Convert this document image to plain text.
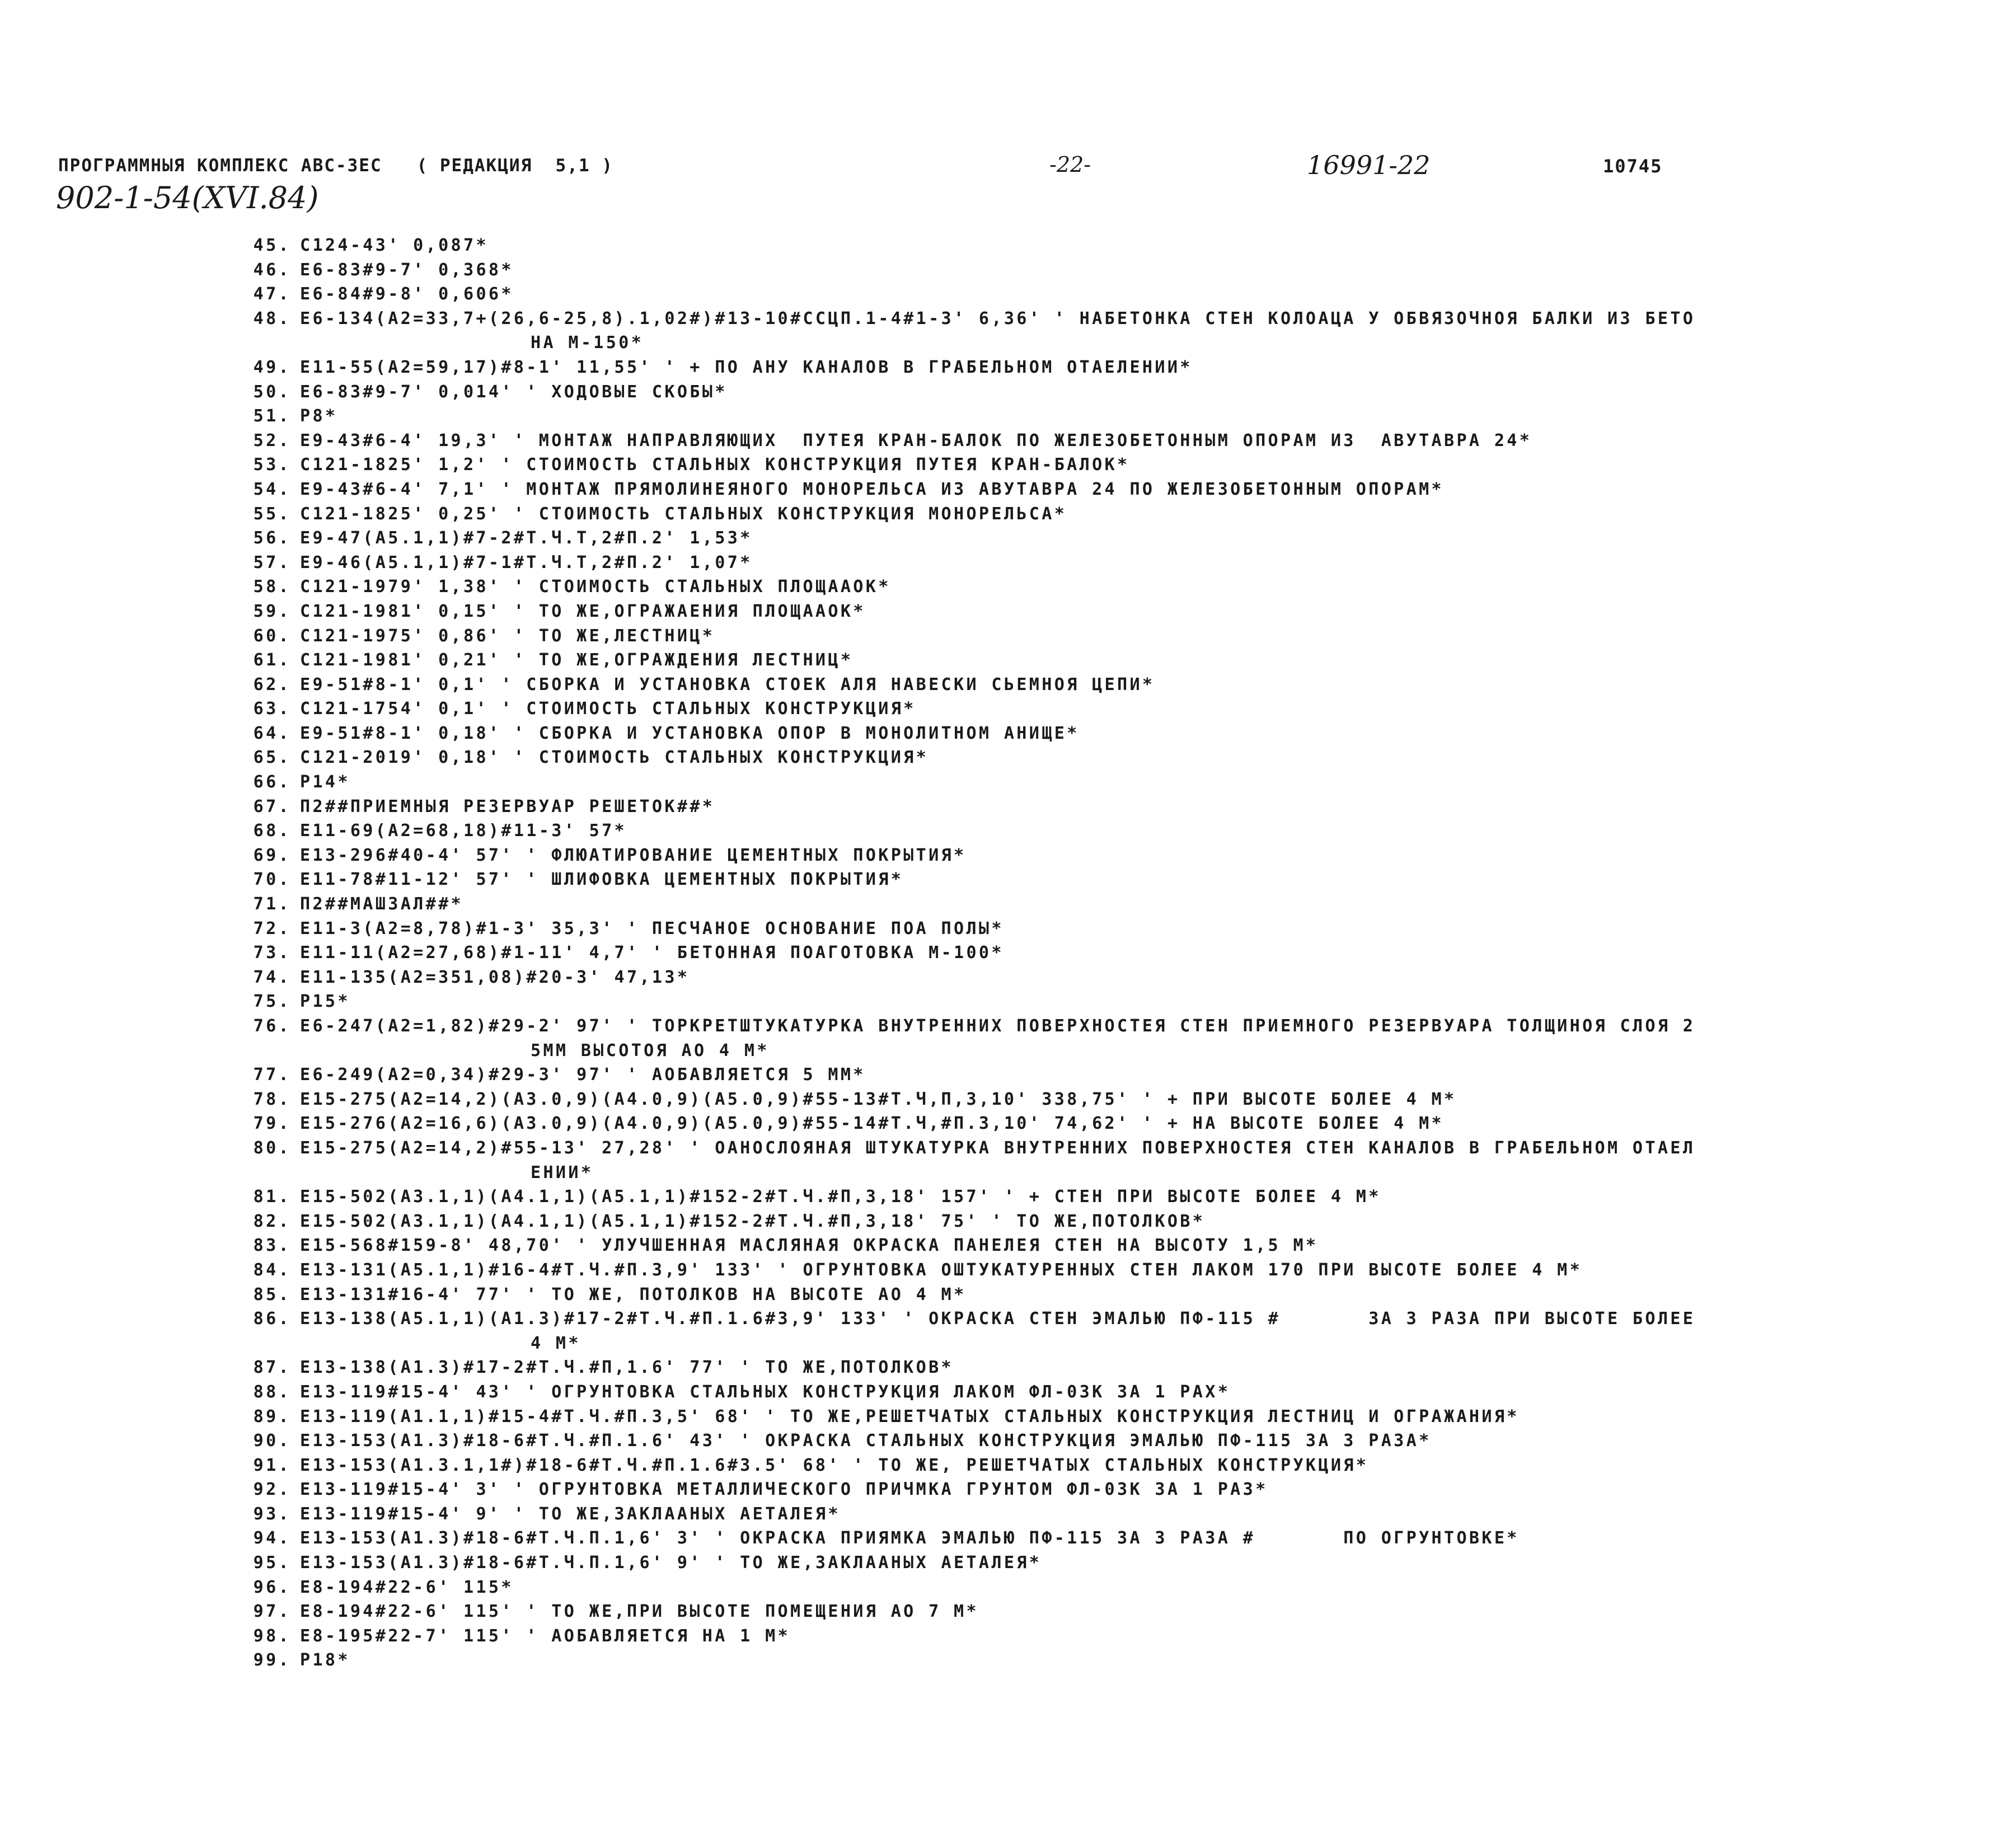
ПРОГРАМMНЫЯ КОМПЛЕКС АВС-3ЕС   ( РЕДАКЦИЯ  5,1 )	-22-	16991-22	10745
902-1-54(XVI.84)
45. С124-43' 0,087*
46. Е6-83#9-7' 0,368*
47. Е6-84#9-8' 0,606*
48. Е6-134(А2=33,7+(26,6-25,8).1,02#)#13-10#ССЦП.1-4#1-3' 6,36' ' НАБЕТОНКА СТЕН КОЛОАЦА У ОБВЯЗОЧНОЯ БАЛКИ ИЗ БЕТО
НА М-150*
49. Е11-55(А2=59,17)#8-1' 11,55' ' + ПО АНУ КАНАЛОВ В ГРАБЕЛЬНОМ ОТАЕЛЕНИИ*
50. Е6-83#9-7' 0,014' ' ХОДОВЫЕ СКОБЫ*
51. Р8*
52. Е9-43#6-4' 19,3' ' МОНТАЖ НАПРАВЛЯЮЩИХ  ПУТЕЯ КРАН-БАЛОК ПО ЖЕЛЕЗОБЕТОННЫМ ОПОРАМ ИЗ  АВУТАВРА 24*
53. С121-1825' 1,2' ' СТОИМОСТЬ СТАЛЬНЫХ КОНСТРУКЦИЯ ПУТЕЯ КРАН-БАЛОК*
54. Е9-43#6-4' 7,1' ' МОНТАЖ ПРЯМОЛИНЕЯНОГО МОНОРЕЛЬСА ИЗ АВУТАВРА 24 ПО ЖЕЛЕЗОБЕТОННЫМ ОПОРАМ*
55. С121-1825' 0,25' ' СТОИМОСТЬ СТАЛЬНЫХ КОНСТРУКЦИЯ МОНОРЕЛЬСА*
56. Е9-47(А5.1,1)#7-2#Т.Ч.Т,2#П.2' 1,53*
57. Е9-46(А5.1,1)#7-1#Т.Ч.Т,2#П.2' 1,07*
58. С121-1979' 1,38' ' СТОИМОСТЬ СТАЛЬНЫХ ПЛОЩААОК*
59. С121-1981' 0,15' ' ТО ЖЕ,ОГРАЖАЕНИЯ ПЛОЩААОК*
60. С121-1975' 0,86' ' ТО ЖЕ,ЛЕСТНИЦ*
61. С121-1981' 0,21' ' ТО ЖЕ,ОГРАЖДЕНИЯ ЛЕСТНИЦ*
62. Е9-51#8-1' 0,1' ' СБОРКА И УСТАНОВКА СТОЕК АЛЯ НАВЕСКИ СЬЕМНОЯ ЦЕПИ*
63. С121-1754' 0,1' ' СТОИМОСТЬ СТАЛЬНЫХ КОНСТРУКЦИЯ*
64. Е9-51#8-1' 0,18' ' СБОРКА И УСТАНОВКА ОПОР В МОНОЛИТНОМ АНИЩЕ*
65. С121-2019' 0,18' ' СТОИМОСТЬ СТАЛЬНЫХ КОНСТРУКЦИЯ*
66. Р14*
67. П2##ПРИЕМНЫЯ РЕЗЕРВУАР РЕШЕТОК##*
68. Е11-69(А2=68,18)#11-3' 57*
69. Е13-296#40-4' 57' ' ФЛЮАТИРОВАНИЕ ЦЕМЕНТНЫХ ПОКРЫТИЯ*
70. Е11-78#11-12' 57' ' ШЛИФОВКА ЦЕМЕНТНЫХ ПОКРЫТИЯ*
71. П2##МАШЗАЛ##*
72. Е11-3(А2=8,78)#1-3' 35,3' ' ПЕСЧАНОЕ ОСНОВАНИЕ ПОА ПОЛЫ*
73. Е11-11(А2=27,68)#1-11' 4,7' ' БЕТОННАЯ ПОАГОТОВКА М-100*
74. Е11-135(А2=351,08)#20-3' 47,13*
75. Р15*
76. Е6-247(А2=1,82)#29-2' 97' ' ТОРКРЕТШТУКАТУРКА ВНУТРЕННИХ ПОВЕРХНОСТЕЯ СТЕН ПРИЕМНОГО РЕЗЕРВУАРА ТОЛЩИНОЯ СЛОЯ 2
5ММ ВЫСОТОЯ АО 4 М*
77. Е6-249(А2=0,34)#29-3' 97' ' АОБАВЛЯЕТСЯ 5 ММ*
78. Е15-275(А2=14,2)(А3.0,9)(А4.0,9)(А5.0,9)#55-13#Т.Ч,П,3,10' 338,75' ' + ПРИ ВЫСОТЕ БОЛЕЕ 4 М*
79. Е15-276(А2=16,6)(А3.0,9)(А4.0,9)(А5.0,9)#55-14#Т.Ч,#П.3,10' 74,62' ' + НА ВЫСОТЕ БОЛЕЕ 4 М*
80. Е15-275(А2=14,2)#55-13' 27,28' ' ОАНОСЛОЯНАЯ ШТУКАТУРКА ВНУТРЕННИХ ПОВЕРХНОСТЕЯ СТЕН КАНАЛОВ В ГРАБЕЛЬНОМ ОТАЕЛ
ЕНИИ*
81. Е15-502(А3.1,1)(А4.1,1)(А5.1,1)#152-2#Т.Ч.#П,3,18' 157' ' + СТЕН ПРИ ВЫСОТЕ БОЛЕЕ 4 М*
82. Е15-502(А3.1,1)(А4.1,1)(А5.1,1)#152-2#Т.Ч.#П,3,18' 75' ' ТО ЖЕ,ПОТОЛКОВ*
83. Е15-568#159-8' 48,70' ' УЛУЧШЕННАЯ МАСЛЯНАЯ ОКРАСКА ПАНЕЛЕЯ СТЕН НА ВЫСОТУ 1,5 М*
84. Е13-131(А5.1,1)#16-4#Т.Ч.#П.3,9' 133' ' ОГРУНТОВКА ОШТУКАТУРЕННЫХ СТЕН ЛАКОМ 170 ПРИ ВЫСОТЕ БОЛЕЕ 4 М*
85. Е13-131#16-4' 77' ' ТО ЖЕ, ПОТОЛКОВ НА ВЫСОТЕ АО 4 М*
86. Е13-138(А5.1,1)(А1.3)#17-2#Т.Ч.#П.1.6#3,9' 133' ' ОКРАСКА СТЕН ЭМАЛЬЮ ПФ-115 #       ЗА 3 РАЗА ПРИ ВЫСОТЕ БОЛЕЕ
4 М*
87. Е13-138(А1.3)#17-2#Т.Ч.#П,1.6' 77' ' ТО ЖЕ,ПОТОЛКОВ*
88. Е13-119#15-4' 43' ' ОГРУНТОВКА СТАЛЬНЫХ КОНСТРУКЦИЯ ЛАКОМ ФЛ-03К ЗА 1 РАХ*
89. Е13-119(А1.1,1)#15-4#Т.Ч.#П.3,5' 68' ' ТО ЖЕ,РЕШЕТЧАТЫХ СТАЛЬНЫХ КОНСТРУКЦИЯ ЛЕСТНИЦ И ОГРАЖАНИЯ*
90. Е13-153(А1.3)#18-6#Т.Ч.#П.1.6' 43' ' ОКРАСКА СТАЛЬНЫХ КОНСТРУКЦИЯ ЭМАЛЬЮ ПФ-115 ЗА 3 РАЗА*
91. Е13-153(А1.3.1,1#)#18-6#Т.Ч.#П.1.6#3.5' 68' ' ТО ЖЕ, РЕШЕТЧАТЫХ СТАЛЬНЫХ КОНСТРУКЦИЯ*
92. Е13-119#15-4' 3' ' ОГРУНТОВКА МЕТАЛЛИЧЕСКОГО ПРИЧМКА ГРУНТОМ ФЛ-03К ЗА 1 РАЗ*
93. Е13-119#15-4' 9' ' ТО ЖЕ,ЗАКЛААНЫХ АЕТАЛЕЯ*
94. Е13-153(А1.3)#18-6#Т.Ч.П.1,6' 3' ' ОКРАСКА ПРИЯМКА ЭМАЛЬЮ ПФ-115 ЗА 3 РАЗА #       ПО ОГРУНТОВКЕ*
95. Е13-153(А1.3)#18-6#Т.Ч.П.1,6' 9' ' ТО ЖЕ,ЗАКЛААНЫХ АЕТАЛЕЯ*
96. Е8-194#22-6' 115*
97. Е8-194#22-6' 115' ' ТО ЖЕ,ПРИ ВЫСОТЕ ПОМЕЩЕНИЯ АО 7 М*
98. Е8-195#22-7' 115' ' АОБАВЛЯЕТСЯ НА 1 М*
99. Р18*
